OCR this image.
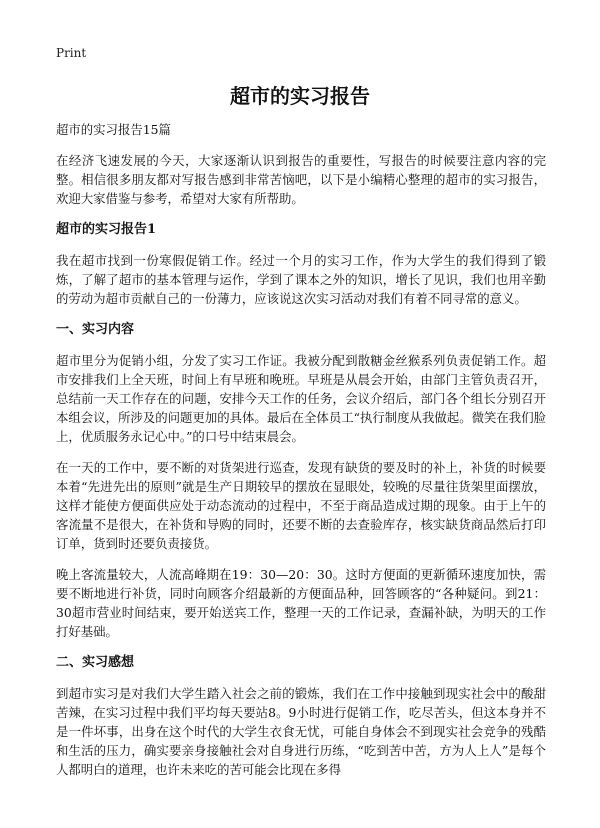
Print
超市的实习报告

超市的实习报告15篇

在经济飞速发展的今天，大家逐渐认识到报告的重要性，写报告的时候要注意内容的完整。相信很多朋友都对写报告感到非常苦恼吧，以下是小编精心整理的超市的实习报告，欢迎大家借鉴与参考，希望对大家有所帮助。

超市的实习报告1

我在超市找到一份寒假促销工作。经过一个月的实习工作，作为大学生的我们得到了锻炼，了解了超市的基本管理与运作，学到了课本之外的知识，增长了见识，我们也用辛勤的劳动为超市贡献自己的一份薄力，应该说这次实习活动对我们有着不同寻常的意义。

一、实习内容

超市里分为促销小组，分发了实习工作证。我被分配到散糖金丝猴系列负责促销工作。超市安排我们上全天班，时间上有早班和晚班。早班是从晨会开始，由部门主管负责召开，总结前一天工作存在的问题，安排今天工作的任务，会议介绍后，部门各个组长分别召开本组会议，所涉及的问题更加的具体。最后在全体员工“执行制度从我做起。微笑在我们脸上，优质服务永记心中。”的口号中结束晨会。

在一天的工作中，要不断的对货架进行巡查，发现有缺货的要及时的补上，补货的时候要本着“先进先出的原则”就是生产日期较早的摆放在显眼处，较晚的尽量往货架里面摆放，这样才能使方便面供应处于动态流动的过程中，不至于商品造成过期的现象。由于上午的客流量不是很大，在补货和导购的同时，还要不断的去查验库存，核实缺货商品然后打印订单，货到时还要负责接货。

晚上客流量较大，人流高峰期在19：30—20：30。这时方便面的更新循环速度加快，需要不断地进行补货，同时向顾客介绍最新的方便面品种，回答顾客的“各种疑问。到21：30超市营业时间结束，要开始送宾工作，整理一天的工作记录，查漏补缺，为明天的工作打好基础。

二、实习感想

到超市实习是对我们大学生踏入社会之前的锻炼，我们在工作中接触到现实社会中的酸甜苦辣，在实习过程中我们平均每天要站8。9小时进行促销工作，吃尽苦头，但这本身并不是一件坏事，出身在这个时代的大学生衣食无忧，可能自身体会不到现实社会竞争的残酷和生活的压力，确实要亲身接触社会对自身进行历练，“吃到苦中苦，方为人上人”是每个人都明白的道理，也许未来吃的苦可能会比现在多得
